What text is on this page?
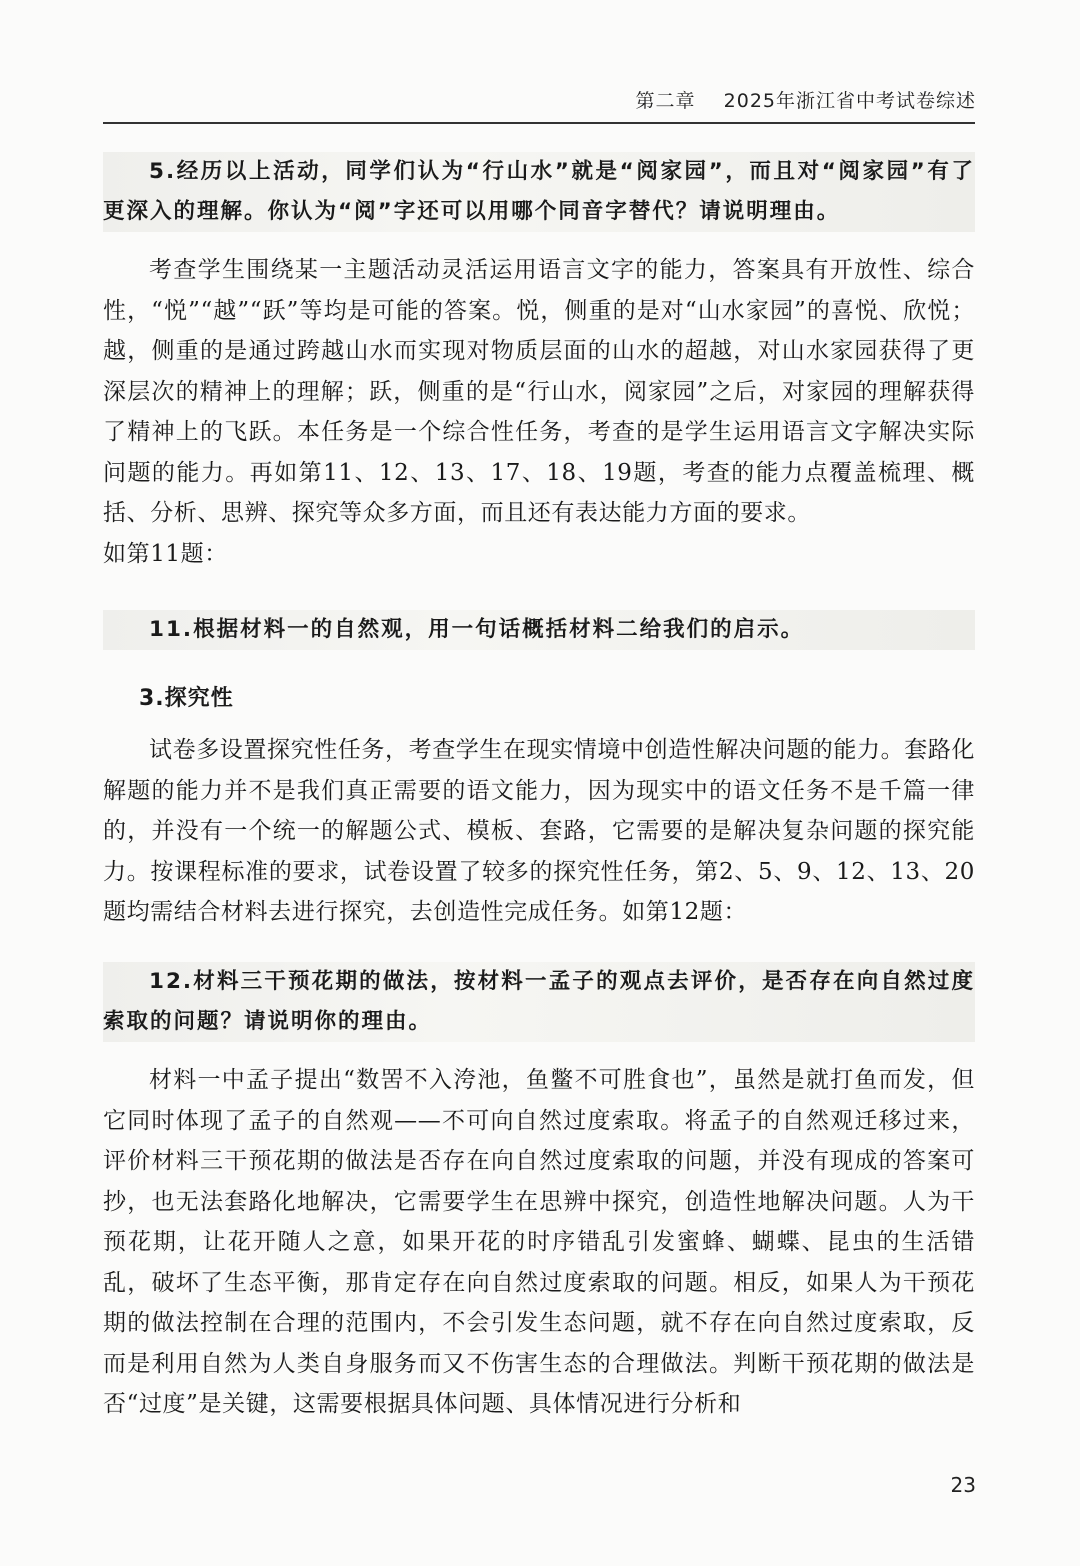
第二章 2025年浙江省中考试卷综述

5.经历以上活动，同学们认为“行山水”就是“阅家园”，而且对“阅家园”有了更深入的理解。你认为“阅”字还可以用哪个同音字替代？请说明理由。

考查学生围绕某一主题活动灵活运用语言文字的能力，答案具有开放性、综合性，“悦”“越”“跃”等均是可能的答案。悦，侧重的是对“山水家园”的喜悦、欣悦；越，侧重的是通过跨越山水而实现对物质层面的山水的超越，对山水家园获得了更深层次的精神上的理解；跃，侧重的是“行山水，阅家园”之后，对家园的理解获得了精神上的飞跃。本任务是一个综合性任务，考查的是学生运用语言文字解决实际问题的能力。再如第11、12、13、17、18、19题，考查的能力点覆盖梳理、概括、分析、思辨、探究等众多方面，而且还有表达能力方面的要求。

如第11题：

11.根据材料一的自然观，用一句话概括材料二给我们的启示。

3.探究性

试卷多设置探究性任务，考查学生在现实情境中创造性解决问题的能力。套路化解题的能力并不是我们真正需要的语文能力，因为现实中的语文任务不是千篇一律的，并没有一个统一的解题公式、模板、套路，它需要的是解决复杂问题的探究能力。按课程标准的要求，试卷设置了较多的探究性任务，第2、5、9、12、13、20题均需结合材料去进行探究，去创造性完成任务。如第12题：

12.材料三干预花期的做法，按材料一孟子的观点去评价，是否存在向自然过度索取的问题？请说明你的理由。

材料一中孟子提出“数罟不入洿池，鱼鳖不可胜食也”，虽然是就打鱼而发，但它同时体现了孟子的自然观——不可向自然过度索取。将孟子的自然观迁移过来，评价材料三干预花期的做法是否存在向自然过度索取的问题，并没有现成的答案可抄，也无法套路化地解决，它需要学生在思辨中探究，创造性地解决问题。人为干预花期，让花开随人之意，如果开花的时序错乱引发蜜蜂、蝴蝶、昆虫的生活错乱，破坏了生态平衡，那肯定存在向自然过度索取的问题。相反，如果人为干预花期的做法控制在合理的范围内，不会引发生态问题，就不存在向自然过度索取，反而是利用自然为人类自身服务而又不伤害生态的合理做法。判断干预花期的做法是否“过度”是关键，这需要根据具体问题、具体情况进行分析和

23
